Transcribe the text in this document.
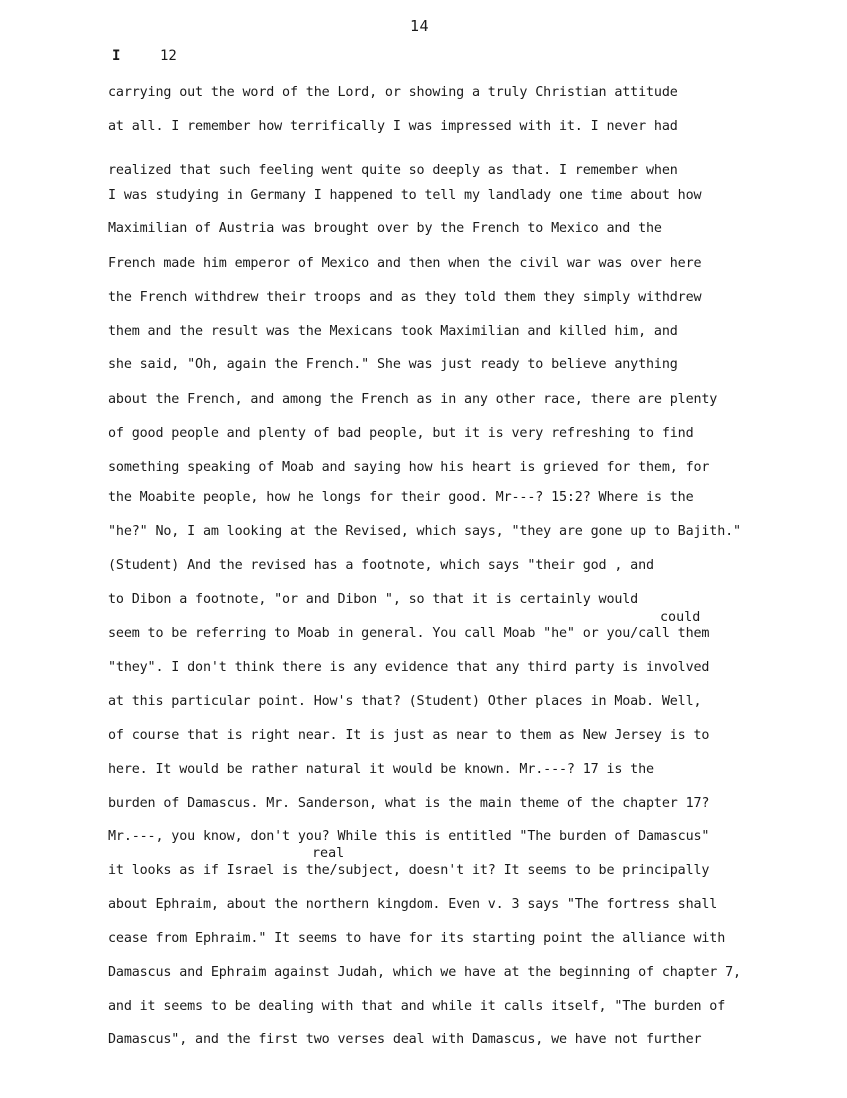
14
I	12
carrying out the word of the Lord, or showing a truly Christian attitude
at all. I remember how terrifically I was impressed with it. I never had
realized that such feeling went quite so deeply as that. I remember when
I was studying in Germany I happened to tell my landlady one time about how
Maximilian of Austria was brought over by the French to Mexico and the
French made him emperor of Mexico and then when the civil war was over here
the French withdrew their troops and as they told them they simply withdrew
them and the result was the Mexicans took Maximilian and killed him, and
she said, "Oh, again the French." She was just ready to believe anything
about the French, and among the French as in any other race, there are plenty
of good people and plenty of bad people, but it is very refreshing to find
something speaking of Moab and saying how his heart is grieved for them, for
the Moabite people, how he longs for their good. Mr---? 15:2? Where is the
"he?" No, I am looking at the Revised, which says, "they are gone up to Bajith."
(Student) And the revised has a footnote, which says "their god , and
to Dibon a footnote, "or and Dibon ", so that it is certainly would
could
seem to be referring to Moab in general. You call Moab "he" or you/call them
"they". I don't think there is any evidence that any third party is involved
at this particular point. How's that? (Student) Other places in Moab. Well,
of course that is right near. It is just as near to them as New Jersey is to
here. It would be rather natural it would be known. Mr.---? 17 is the
burden of Damascus. Mr. Sanderson, what is the main theme of the chapter 17?
Mr.---, you know, don't you? While this is entitled "The burden of Damascus"
real
it looks as if Israel is the/subject, doesn't it? It seems to be principally
about Ephraim, about the northern kingdom. Even v. 3 says "The fortress shall
cease from Ephraim." It seems to have for its starting point the alliance with
Damascus and Ephraim against Judah, which we have at the beginning of chapter 7,
and it seems to be dealing with that and while it calls itself, "The burden of
Damascus", and the first two verses deal with Damascus, we have not further
